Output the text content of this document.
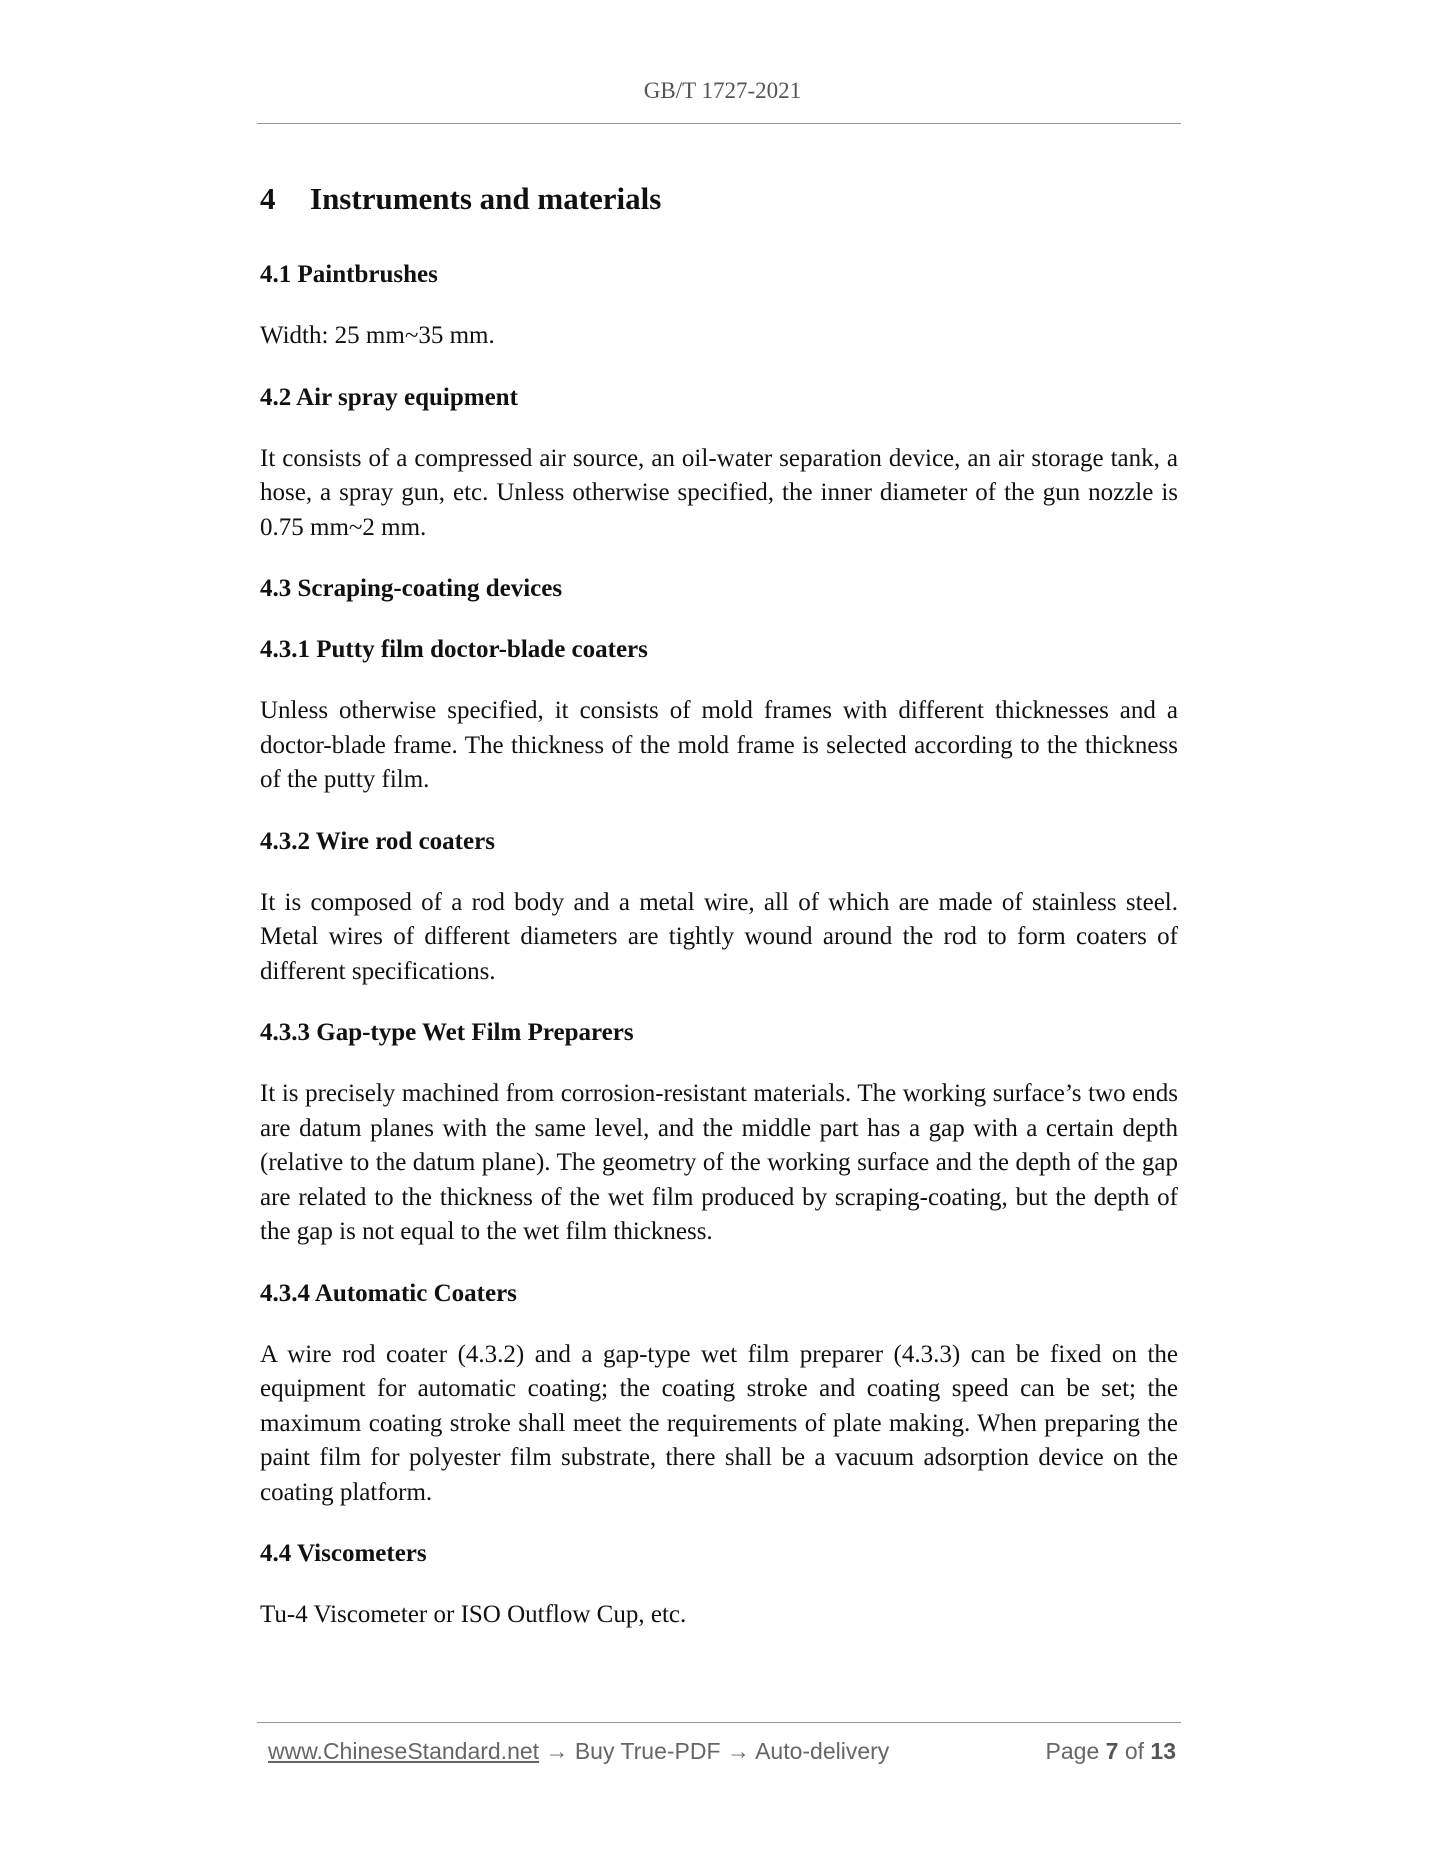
GB/T 1727-2021
4 Instruments and materials
4.1 Paintbrushes
Width: 25 mm~35 mm.
4.2 Air spray equipment
It consists of a compressed air source, an oil-water separation device, an air storage tank, a hose, a spray gun, etc. Unless otherwise specified, the inner diameter of the gun nozzle is 0.75 mm~2 mm.
4.3 Scraping-coating devices
4.3.1 Putty film doctor-blade coaters
Unless otherwise specified, it consists of mold frames with different thicknesses and a doctor-blade frame. The thickness of the mold frame is selected according to the thickness of the putty film.
4.3.2 Wire rod coaters
It is composed of a rod body and a metal wire, all of which are made of stainless steel. Metal wires of different diameters are tightly wound around the rod to form coaters of different specifications.
4.3.3 Gap-type Wet Film Preparers
It is precisely machined from corrosion-resistant materials. The working surface’s two ends are datum planes with the same level, and the middle part has a gap with a certain depth (relative to the datum plane). The geometry of the working surface and the depth of the gap are related to the thickness of the wet film produced by scraping-coating, but the depth of the gap is not equal to the wet film thickness.
4.3.4 Automatic Coaters
A wire rod coater (4.3.2) and a gap-type wet film preparer (4.3.3) can be fixed on the equipment for automatic coating; the coating stroke and coating speed can be set; the maximum coating stroke shall meet the requirements of plate making. When preparing the paint film for polyester film substrate, there shall be a vacuum adsorption device on the coating platform.
4.4 Viscometers
Tu-4 Viscometer or ISO Outflow Cup, etc.
www.ChineseStandard.net → Buy True-PDF → Auto-delivery	Page 7 of 13
